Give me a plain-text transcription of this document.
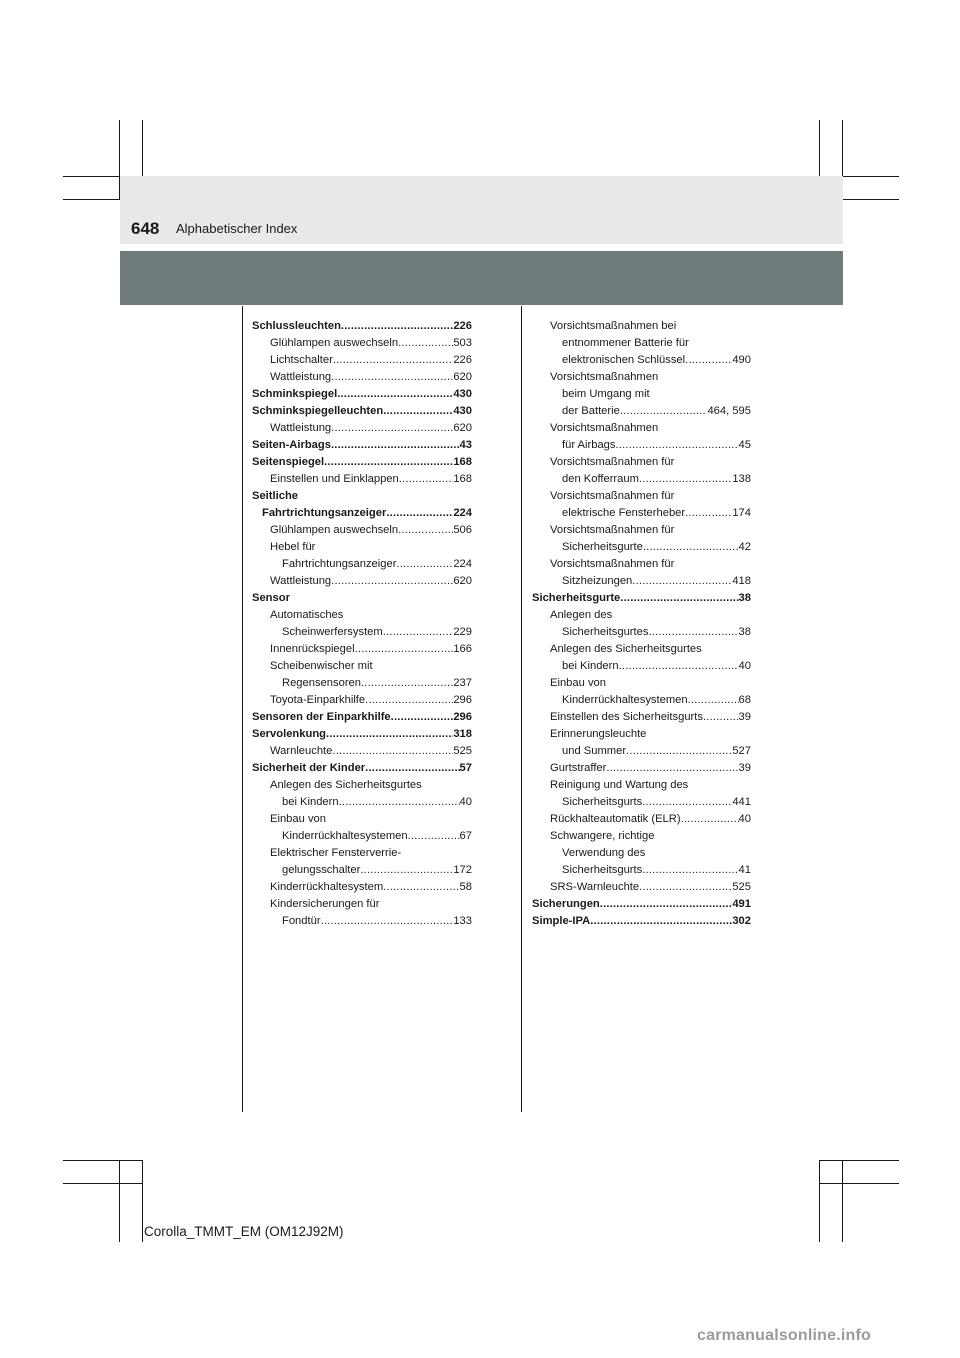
648 Alphabetischer Index
Schlussleuchten .....	226
Glühlampen auswechseln .....	503
Lichtschalter .....	226
Wattleistung .....	620
Schminkspiegel .....	430
Schminkspiegelleuchten .....	430
Wattleistung .....	620
Seiten-Airbags .....	43
Seitenspiegel .....	168
Einstellen und Einklappen .....	168
Seitliche
Fahrtrichtungsanzeiger .....	224
Glühlampen auswechseln .....	506
Hebel für
Fahrtrichtungsanzeiger .....	224
Wattleistung .....	620
Sensor
Automatisches
Scheinwerfersystem .....	229
Innenrückspiegel .....	166
Scheibenwischer mit
Regensensoren .....	237
Toyota-Einparkhilfe .....	296
Sensoren der Einparkhilfe .....	296
Servolenkung .....	318
Warnleuchte .....	525
Sicherheit der Kinder .....	57
Anlegen des Sicherheitsgurtes
bei Kindern .....	40
Einbau von
Kinderrückhaltesystemen .....	67
Elektrischer Fensterverrie-
gelungsschalter .....	172
Kinderrückhaltesystem .....	58
Kindersicherungen für
Fondtür .....	133
Vorsichtsmaßnahmen bei
entnommener Batterie für
elektronischen Schlüssel .....	490
Vorsichtsmaßnahmen
beim Umgang mit
der Batterie .....	464, 595
Vorsichtsmaßnahmen
für Airbags .....	45
Vorsichtsmaßnahmen für
den Kofferraum .....	138
Vorsichtsmaßnahmen für
elektrische Fensterheber .....	174
Vorsichtsmaßnahmen für
Sicherheitsgurte .....	42
Vorsichtsmaßnahmen für
Sitzheizungen .....	418
Sicherheitsgurte .....	38
Anlegen des
Sicherheitsgurtes .....	38
Anlegen des Sicherheitsgurtes
bei Kindern .....	40
Einbau von
Kinderrückhaltesystemen .....	68
Einstellen des Sicherheitsgurts .....	39
Erinnerungsleuchte
und Summer .....	527
Gurtstraffer .....	39
Reinigung und Wartung des
Sicherheitsgurts .....	441
Rückhalteautomatik (ELR) .....	40
Schwangere, richtige
Verwendung des
Sicherheitsgurts .....	41
SRS-Warnleuchte .....	525
Sicherungen .....	491
Simple-IPA .....	302
Corolla_TMMT_EM (OM12J92M)
carmanualsonline.info
